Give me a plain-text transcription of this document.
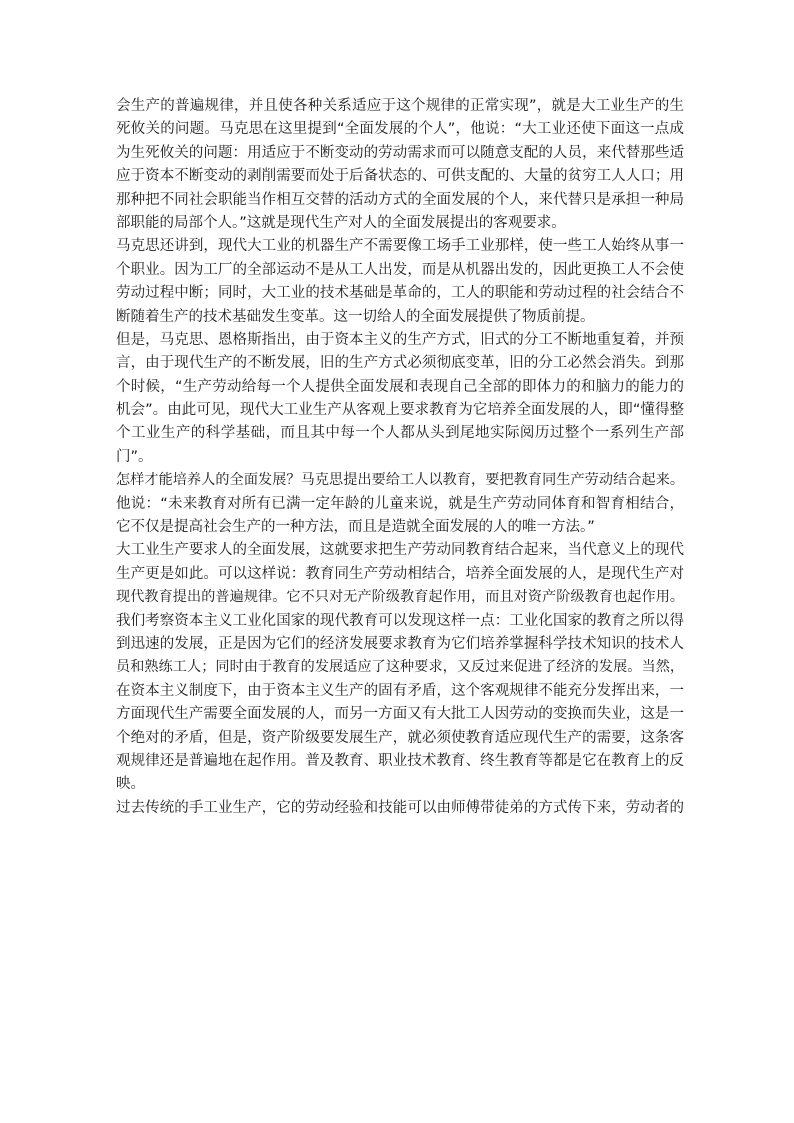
会生产的普遍规律，并且使各种关系适应于这个规律的正常实现”，就是大工业生产的生
死攸关的问题。马克思在这里提到“全面发展的个人”，他说：“大工业还使下面这一点成
为生死攸关的问题：用适应于不断变动的劳动需求而可以随意支配的人员，来代替那些适
应于资本不断变动的剥削需要而处于后备状态的、可供支配的、大量的贫穷工人人口；用
那种把不同社会职能当作相互交替的活动方式的全面发展的个人，来代替只是承担一种局
部职能的局部个人。”这就是现代生产对人的全面发展提出的客观要求。
马克思还讲到，现代大工业的机器生产不需要像工场手工业那样，使一些工人始终从事一
个职业。因为工厂的全部运动不是从工人出发，而是从机器出发的，因此更换工人不会使
劳动过程中断；同时，大工业的技术基础是革命的，工人的职能和劳动过程的社会结合不
断随着生产的技术基础发生变革。这一切给人的全面发展提供了物质前提。
但是，马克思、恩格斯指出，由于资本主义的生产方式，旧式的分工不断地重复着，并预
言，由于现代生产的不断发展，旧的生产方式必须彻底变革，旧的分工必然会消失。到那
个时候，“生产劳动给每一个人提供全面发展和表现自己全部的即体力的和脑力的能力的
机会”。由此可见，现代大工业生产从客观上要求教育为它培养全面发展的人，即“懂得整
个工业生产的科学基础，而且其中每一个人都从头到尾地实际阅历过整个一系列生产部
门”。
怎样才能培养人的全面发展？马克思提出要给工人以教育，要把教育同生产劳动结合起来。
他说：“未来教育对所有已满一定年龄的儿童来说，就是生产劳动同体育和智育相结合，
它不仅是提高社会生产的一种方法，而且是造就全面发展的人的唯一方法。”
大工业生产要求人的全面发展，这就要求把生产劳动同教育结合起来，当代意义上的现代
生产更是如此。可以这样说：教育同生产劳动相结合，培养全面发展的人，是现代生产对
现代教育提出的普遍规律。它不只对无产阶级教育起作用，而且对资产阶级教育也起作用。
我们考察资本主义工业化国家的现代教育可以发现这样一点：工业化国家的教育之所以得
到迅速的发展，正是因为它们的经济发展要求教育为它们培养掌握科学技术知识的技术人
员和熟练工人；同时由于教育的发展适应了这种要求，又反过来促进了经济的发展。当然，
在资本主义制度下，由于资本主义生产的固有矛盾，这个客观规律不能充分发挥出来，一
方面现代生产需要全面发展的人，而另一方面又有大批工人因劳动的变换而失业，这是一
个绝对的矛盾，但是，资产阶级要发展生产，就必须使教育适应现代生产的需要，这条客
观规律还是普遍地在起作用。普及教育、职业技术教育、终生教育等都是它在教育上的反
映。
过去传统的手工业生产，它的劳动经验和技能可以由师傅带徒弟的方式传下来，劳动者的
